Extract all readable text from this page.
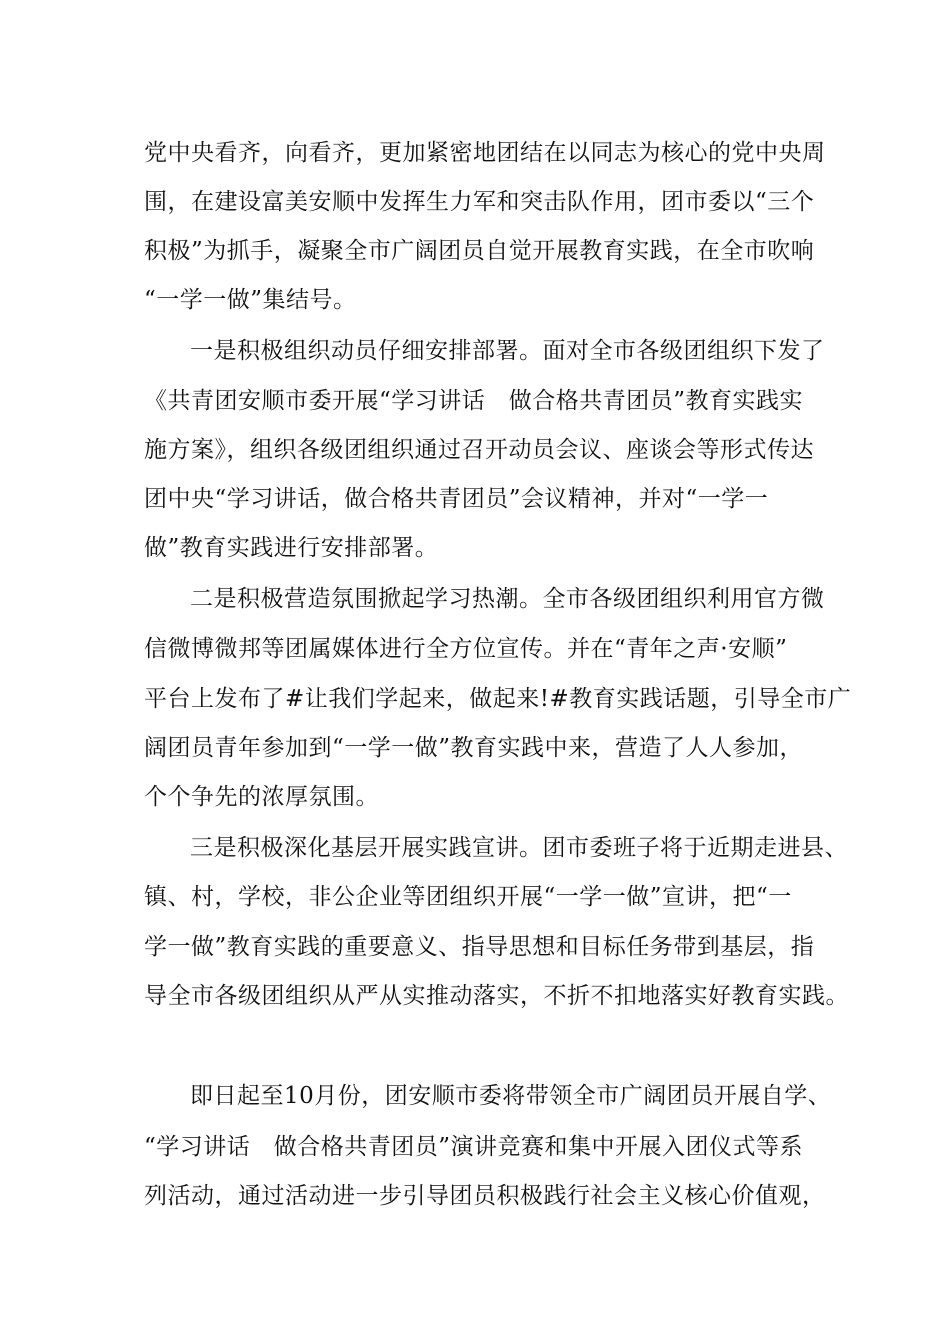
党中央看齐，向看齐，更加紧密地团结在以同志为核心的党中央周
围，在建设富美安顺中发挥生力军和突击队作用，团市委以“三个
积极”为抓手，凝聚全市广阔团员自觉开展教育实践，在全市吹响
“一学一做”集结号。
一是积极组织动员仔细安排部署。面对全市各级团组织下发了
《共青团安顺市委开展“学习讲话　做合格共青团员”教育实践实
施方案》，组织各级团组织通过召开动员会议、座谈会等形式传达
团中央“学习讲话，做合格共青团员”会议精神，并对“一学一
做”教育实践进行安排部署。
二是积极营造氛围掀起学习热潮。全市各级团组织利用官方微
信微博微邦等团属媒体进行全方位宣传。并在“青年之声·安顺”
平台上发布了#让我们学起来，做起来!#教育实践话题，引导全市广
阔团员青年参加到“一学一做”教育实践中来，营造了人人参加，
个个争先的浓厚氛围。
三是积极深化基层开展实践宣讲。团市委班子将于近期走进县、
镇、村，学校，非公企业等团组织开展“一学一做”宣讲，把“一
学一做”教育实践的重要意义、指导思想和目标任务带到基层，指
导全市各级团组织从严从实推动落实，不折不扣地落实好教育实践。
即日起至10月份，团安顺市委将带领全市广阔团员开展自学、
“学习讲话　做合格共青团员”演讲竞赛和集中开展入团仪式等系
列活动，通过活动进一步引导团员积极践行社会主义核心价值观，
